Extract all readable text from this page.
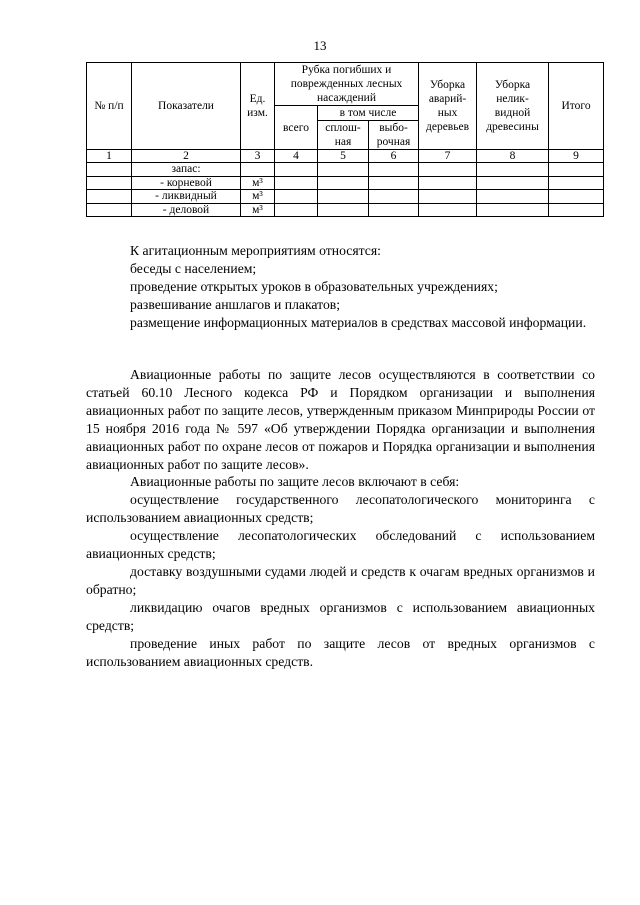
13
№ п/п	Показатели	Ед. изм.	Рубка погибших и поврежденных лесных насаждений			Уборка аварий-ных деревьев	Уборка нелик-видной древесины	Итого

			всего	в том числе				
				сплош-ная	выбо-рочная			
1	2	3	4	5	6	7	8	9
	запас:							
	- корневой	м³						
	- ликвидный	м³						
	- деловой	м³						

К агитационным мероприятиям относятся:

беседы с населением;

проведение открытых уроков в образовательных учреждениях;

развешивание аншлагов и плакатов;

размещение информационных материалов в средствах массовой информации.

Авиационные работы по защите лесов осуществляются в соответствии со статьей 60.10 Лесного кодекса РФ и Порядком организации и выполнения авиационных работ по защите лесов, утвержденным приказом Минприроды России от 15 ноября 2016 года № 597 «Об утверждении Порядка организации и выполнения авиационных работ по охране лесов от пожаров и Порядка организации и выполнения авиационных работ по защите лесов».

Авиационные работы по защите лесов включают в себя:

осуществление государственного лесопатологического мониторинга с использованием авиационных средств;

осуществление лесопатологических обследований с использованием авиационных средств;

доставку воздушными судами людей и средств к очагам вредных организмов и обратно;

ликвидацию очагов вредных организмов с использованием авиационных средств;

проведение иных работ по защите лесов от вредных организмов с использованием авиационных средств.
